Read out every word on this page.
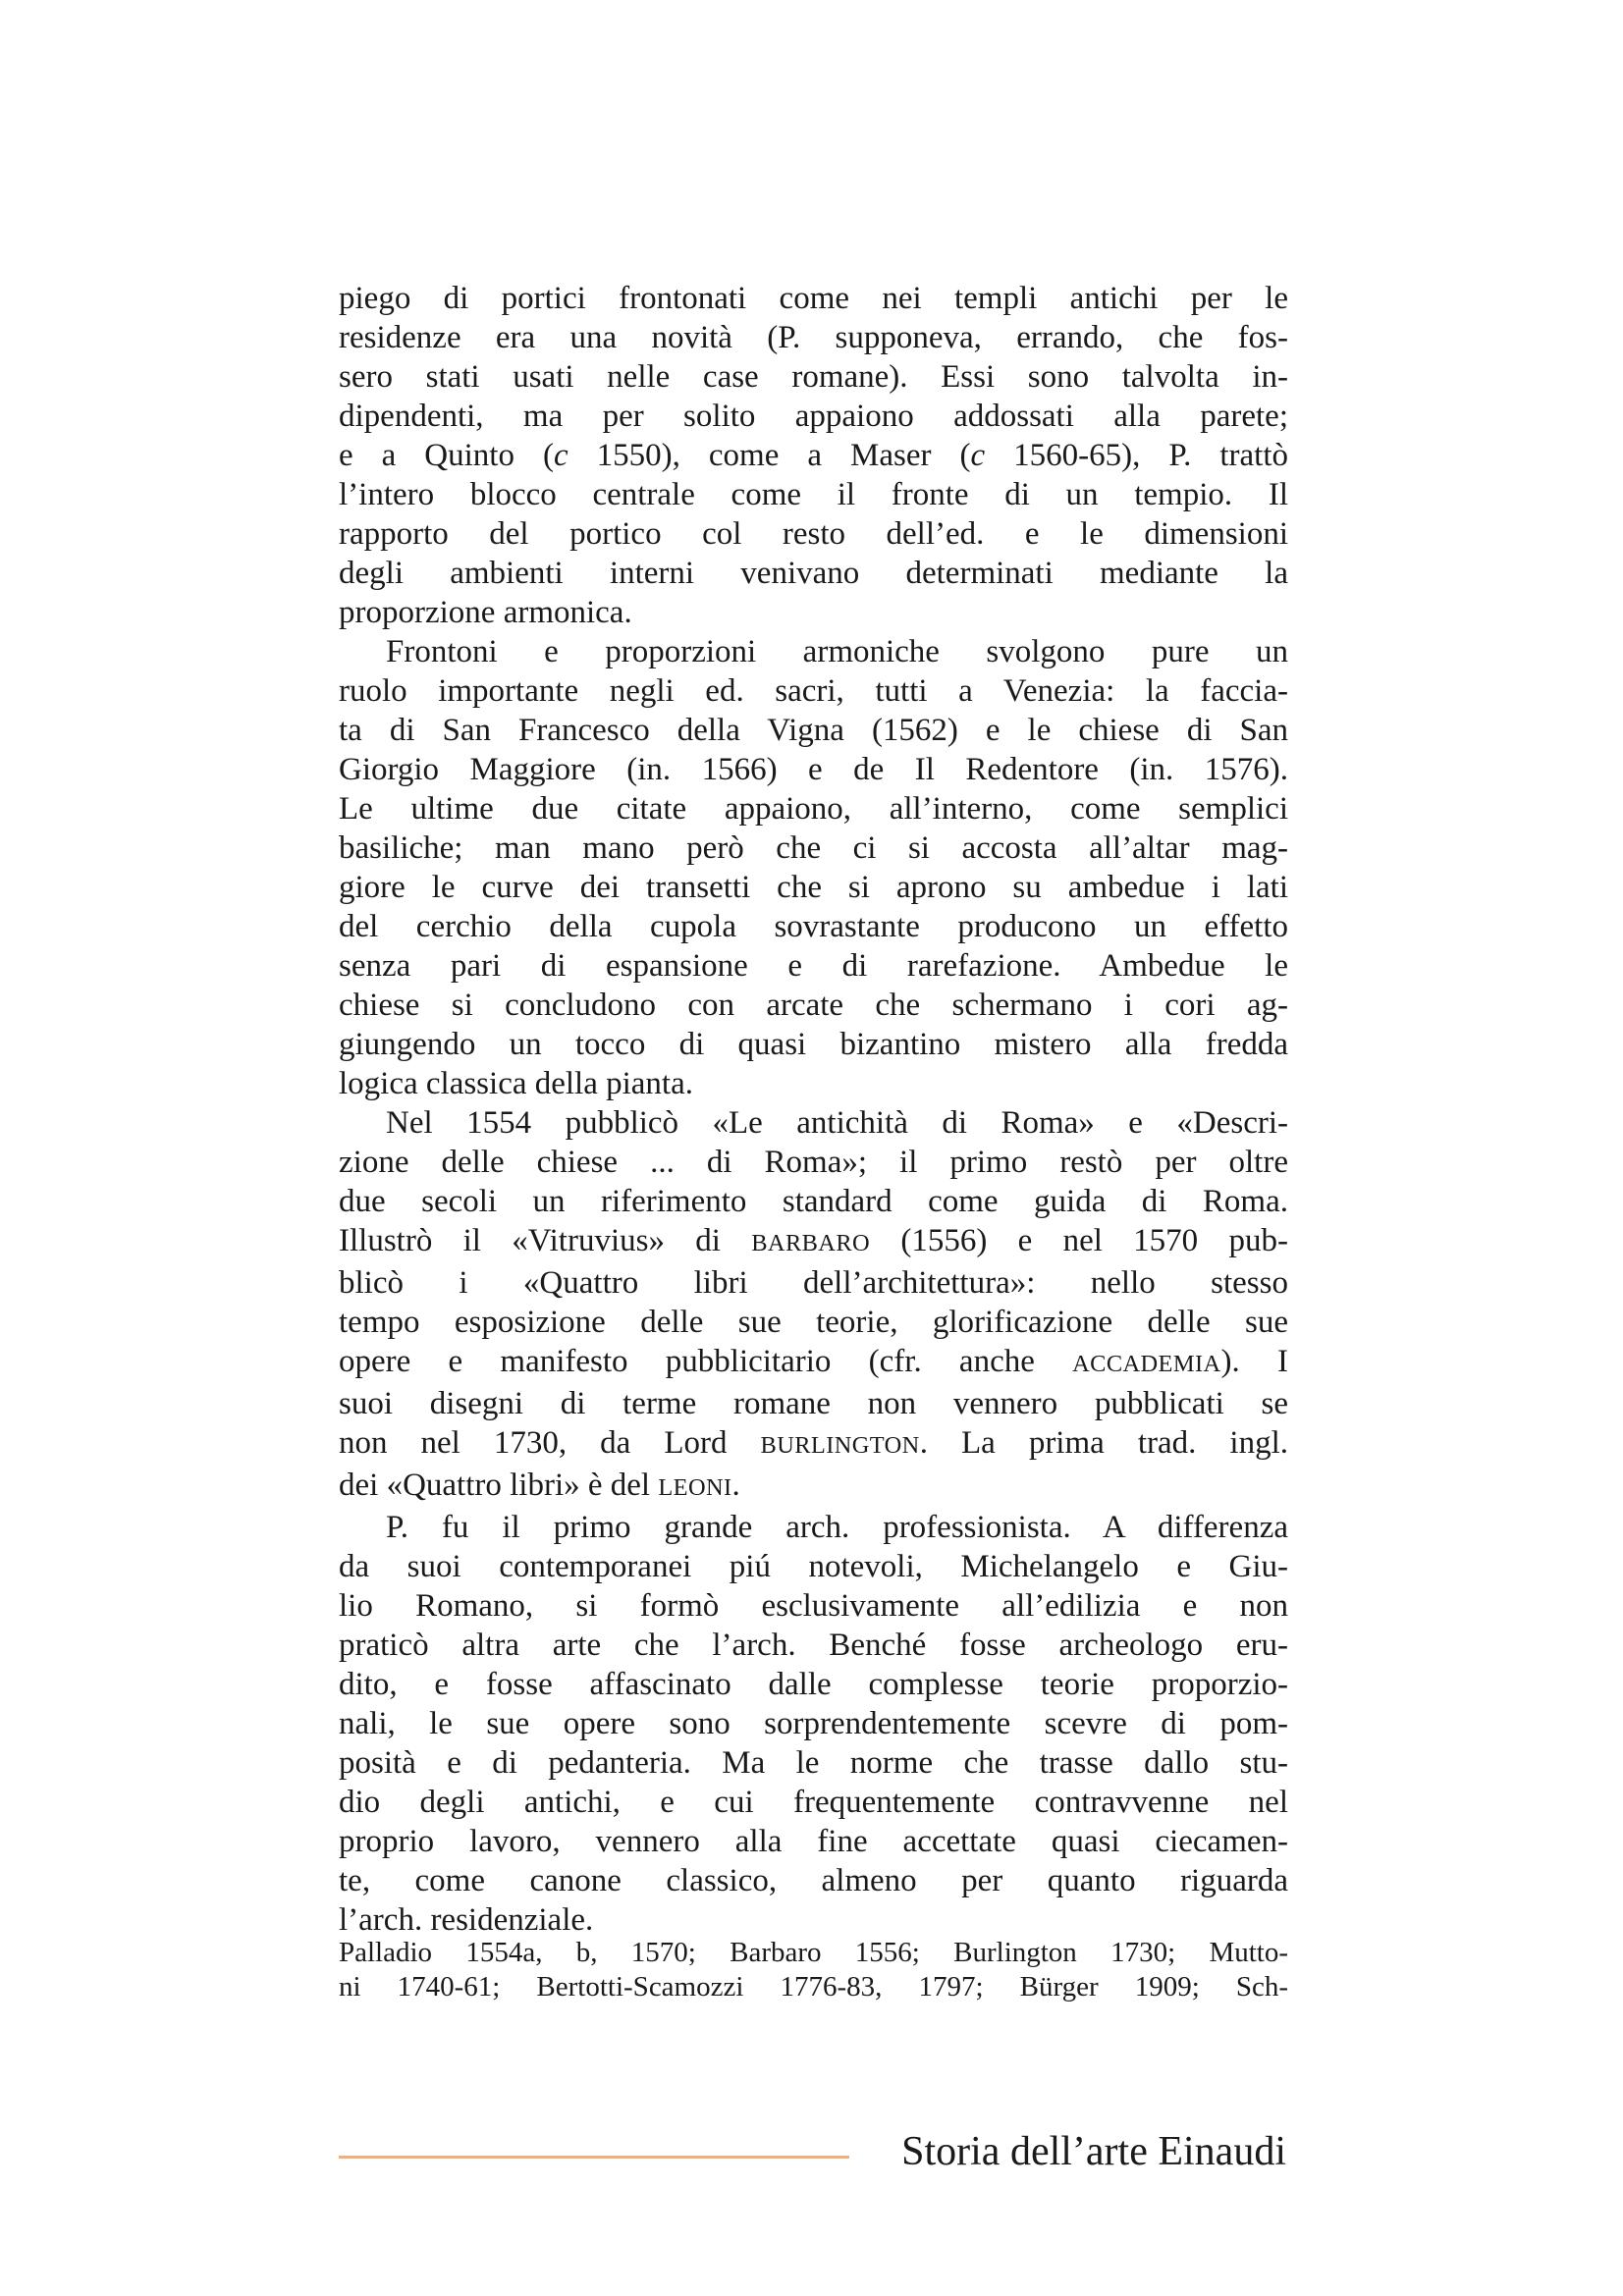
piego di portici frontonati come nei templi antichi per le
residenze era una novità (P. supponeva, errando, che fos-
sero stati usati nelle case romane). Essi sono talvolta in-
dipendenti, ma per solito appaiono addossati alla parete;
e a Quinto (c 1550), come a Maser (c 1560-65), P. trattò
l’intero blocco centrale come il fronte di un tempio. Il
rapporto del portico col resto dell’ed. e le dimensioni
degli ambienti interni venivano determinati mediante la
proporzione armonica.
Frontoni e proporzioni armoniche svolgono pure un
ruolo importante negli ed. sacri, tutti a Venezia: la faccia-
ta di San Francesco della Vigna (1562) e le chiese di San
Giorgio Maggiore (in. 1566) e de Il Redentore (in. 1576).
Le ultime due citate appaiono, all’interno, come semplici
basiliche; man mano però che ci si accosta all’altar mag-
giore le curve dei transetti che si aprono su ambedue i lati
del cerchio della cupola sovrastante producono un effetto
senza pari di espansione e di rarefazione. Ambedue le
chiese si concludono con arcate che schermano i cori ag-
giungendo un tocco di quasi bizantino mistero alla fredda
logica classica della pianta.
Nel 1554 pubblicò «Le antichità di Roma» e «Descri-
zione delle chiese ... di Roma»; il primo restò per oltre
due secoli un riferimento standard come guida di Roma.
Illustrò il «Vitruvius» di BARBARO (1556) e nel 1570 pub-
blicò i «Quattro libri dell’architettura»: nello stesso
tempo esposizione delle sue teorie, glorificazione delle sue
opere e manifesto pubblicitario (cfr. anche ACCADEMIA). I
suoi disegni di terme romane non vennero pubblicati se
non nel 1730, da Lord BURLINGTON. La prima trad. ingl.
dei «Quattro libri» è del LEONI.
P. fu il primo grande arch. professionista. A differenza
da suoi contemporanei piú notevoli, Michelangelo e Giu-
lio Romano, si formò esclusivamente all’edilizia e non
praticò altra arte che l’arch. Benché fosse archeologo eru-
dito, e fosse affascinato dalle complesse teorie proporzio-
nali, le sue opere sono sorprendentemente scevre di pom-
posità e di pedanteria. Ma le norme che trasse dallo stu-
dio degli antichi, e cui frequentemente contravvenne nel
proprio lavoro, vennero alla fine accettate quasi ciecamen-
te, come canone classico, almeno per quanto riguarda
l’arch. residenziale.
Palladio 1554a, b, 1570; Barbaro 1556; Burlington 1730; Mutto-
ni 1740-61; Bertotti-Scamozzi 1776-83, 1797; Bürger 1909; Sch-
Storia dell’arte Einaudi
